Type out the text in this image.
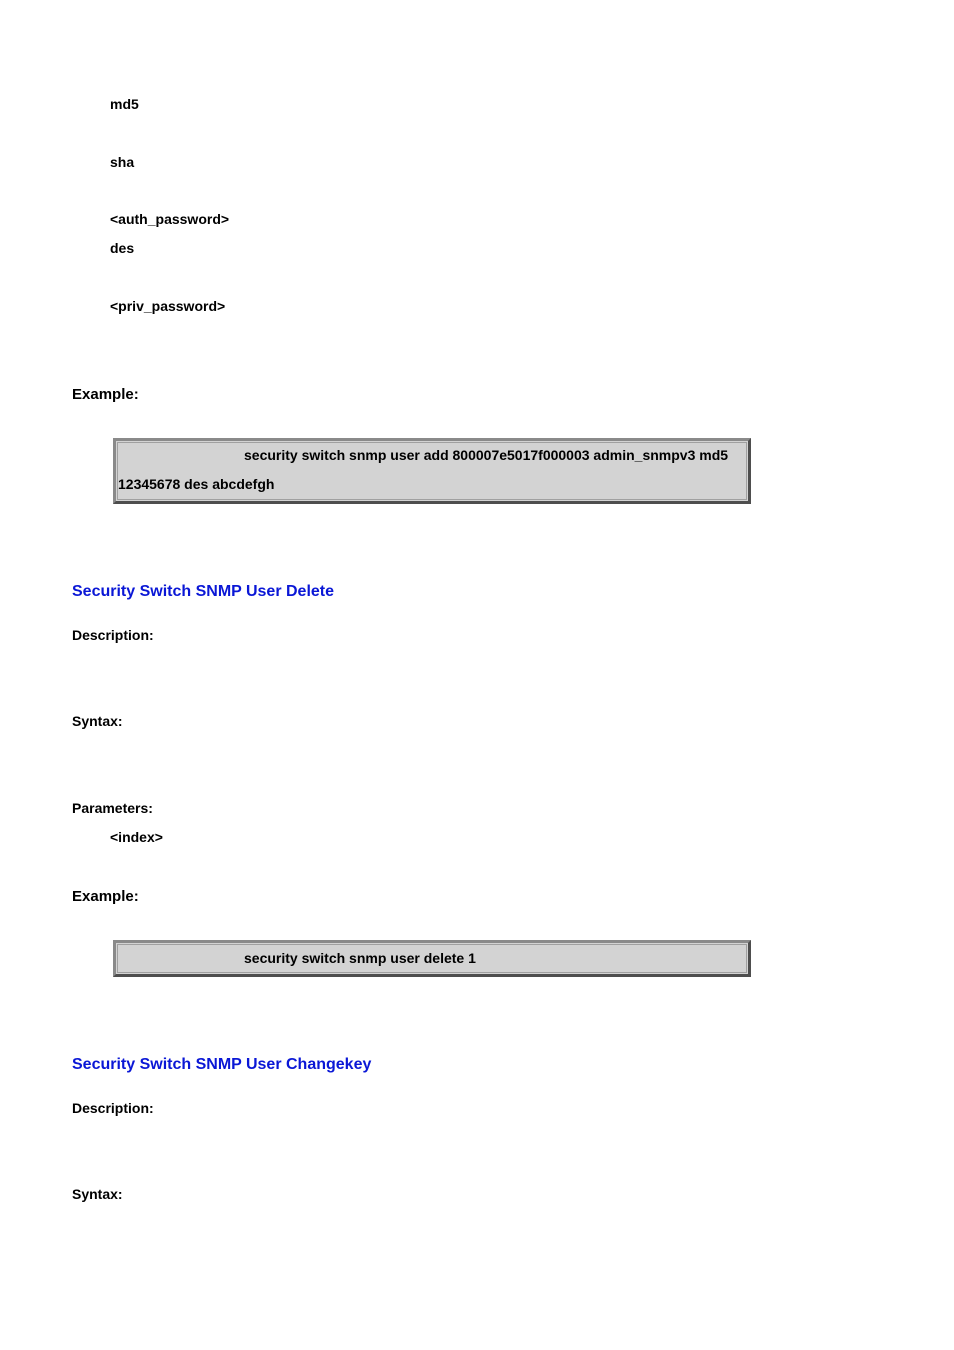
md5
sha
<auth_password>
des
<priv_password>
Example:
security switch snmp user add 800007e5017f000003 admin_snmpv3 md5
12345678 des abcdefgh
Security Switch SNMP User Delete
Description:
Syntax:
Parameters:
<index>
Example:
security switch snmp user delete 1
Security Switch SNMP User Changekey
Description:
Syntax:
